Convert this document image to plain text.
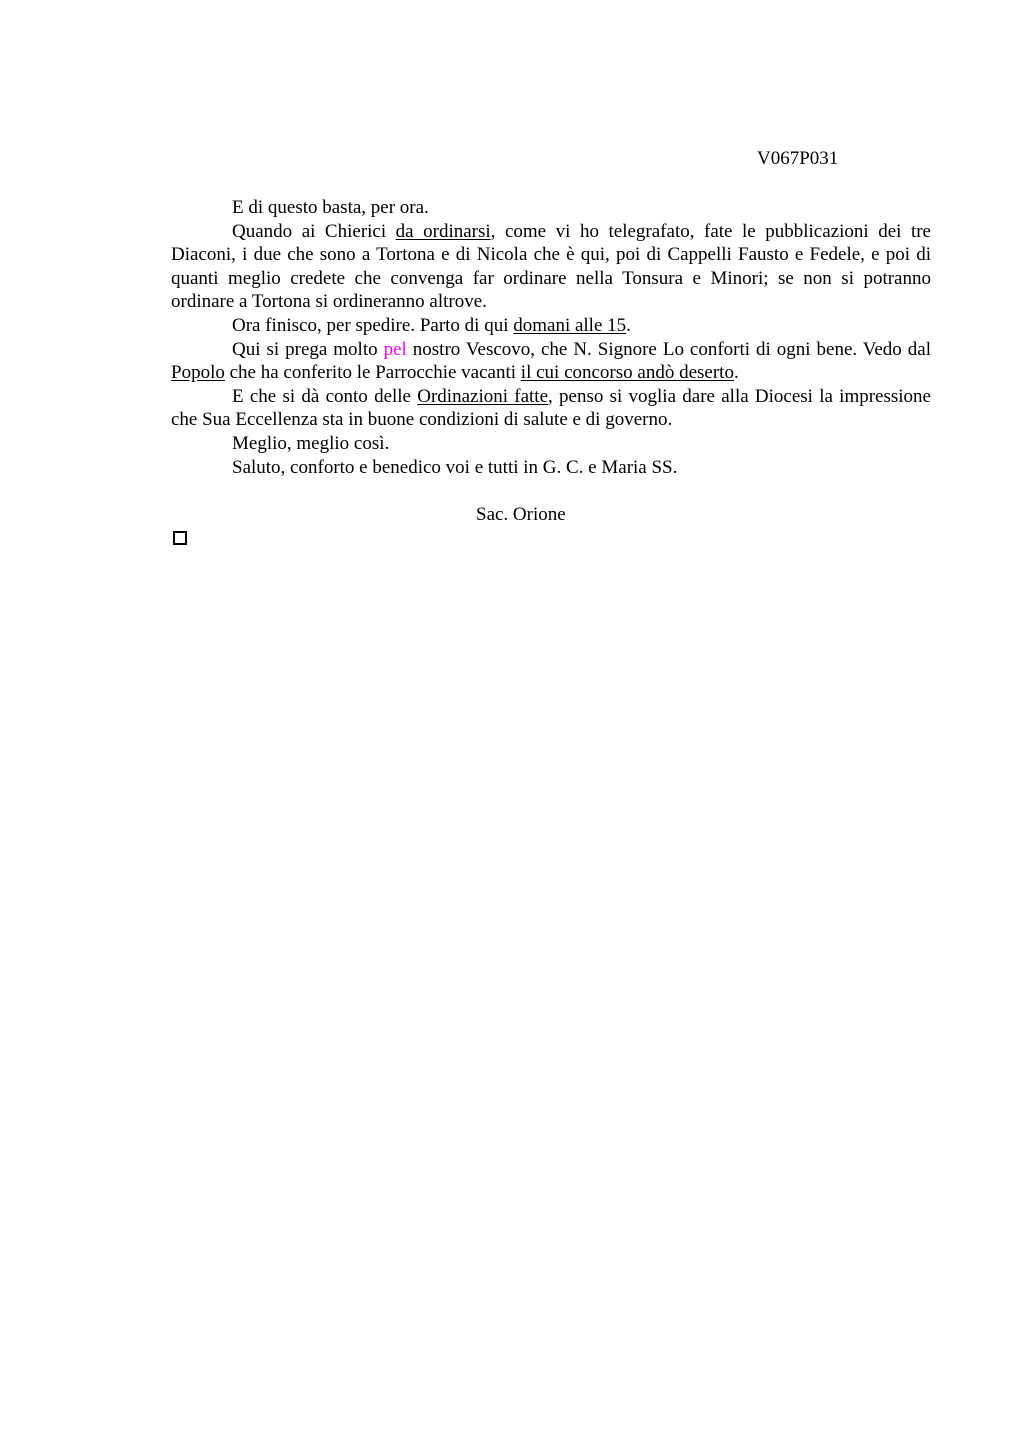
V067P031

E di questo basta, per ora.

Quando ai Chierici da ordinarsi, come vi ho telegrafato, fate le pubblicazioni dei tre Diaconi, i due che sono a Tortona e di Nicola che è qui, poi di Cappelli Fausto e Fedele, e poi di quanti meglio credete che convenga far ordinare nella Tonsura e Minori; se non si potranno ordinare a Tortona si ordineranno altrove.

Ora finisco, per spedire. Parto di qui domani alle 15.

Qui si prega molto pel nostro Vescovo, che N. Signore Lo conforti di ogni bene. Vedo dal Popolo che ha conferito le Parrocchie vacanti il cui concorso andò deserto.

E che si dà conto delle Ordinazioni fatte, penso si voglia dare alla Diocesi la impressione che Sua Eccellenza sta in buone condizioni di salute e di governo.

Meglio, meglio così.

Saluto, conforto e benedico voi e tutti in G. C. e Maria SS.

Sac. Orione
